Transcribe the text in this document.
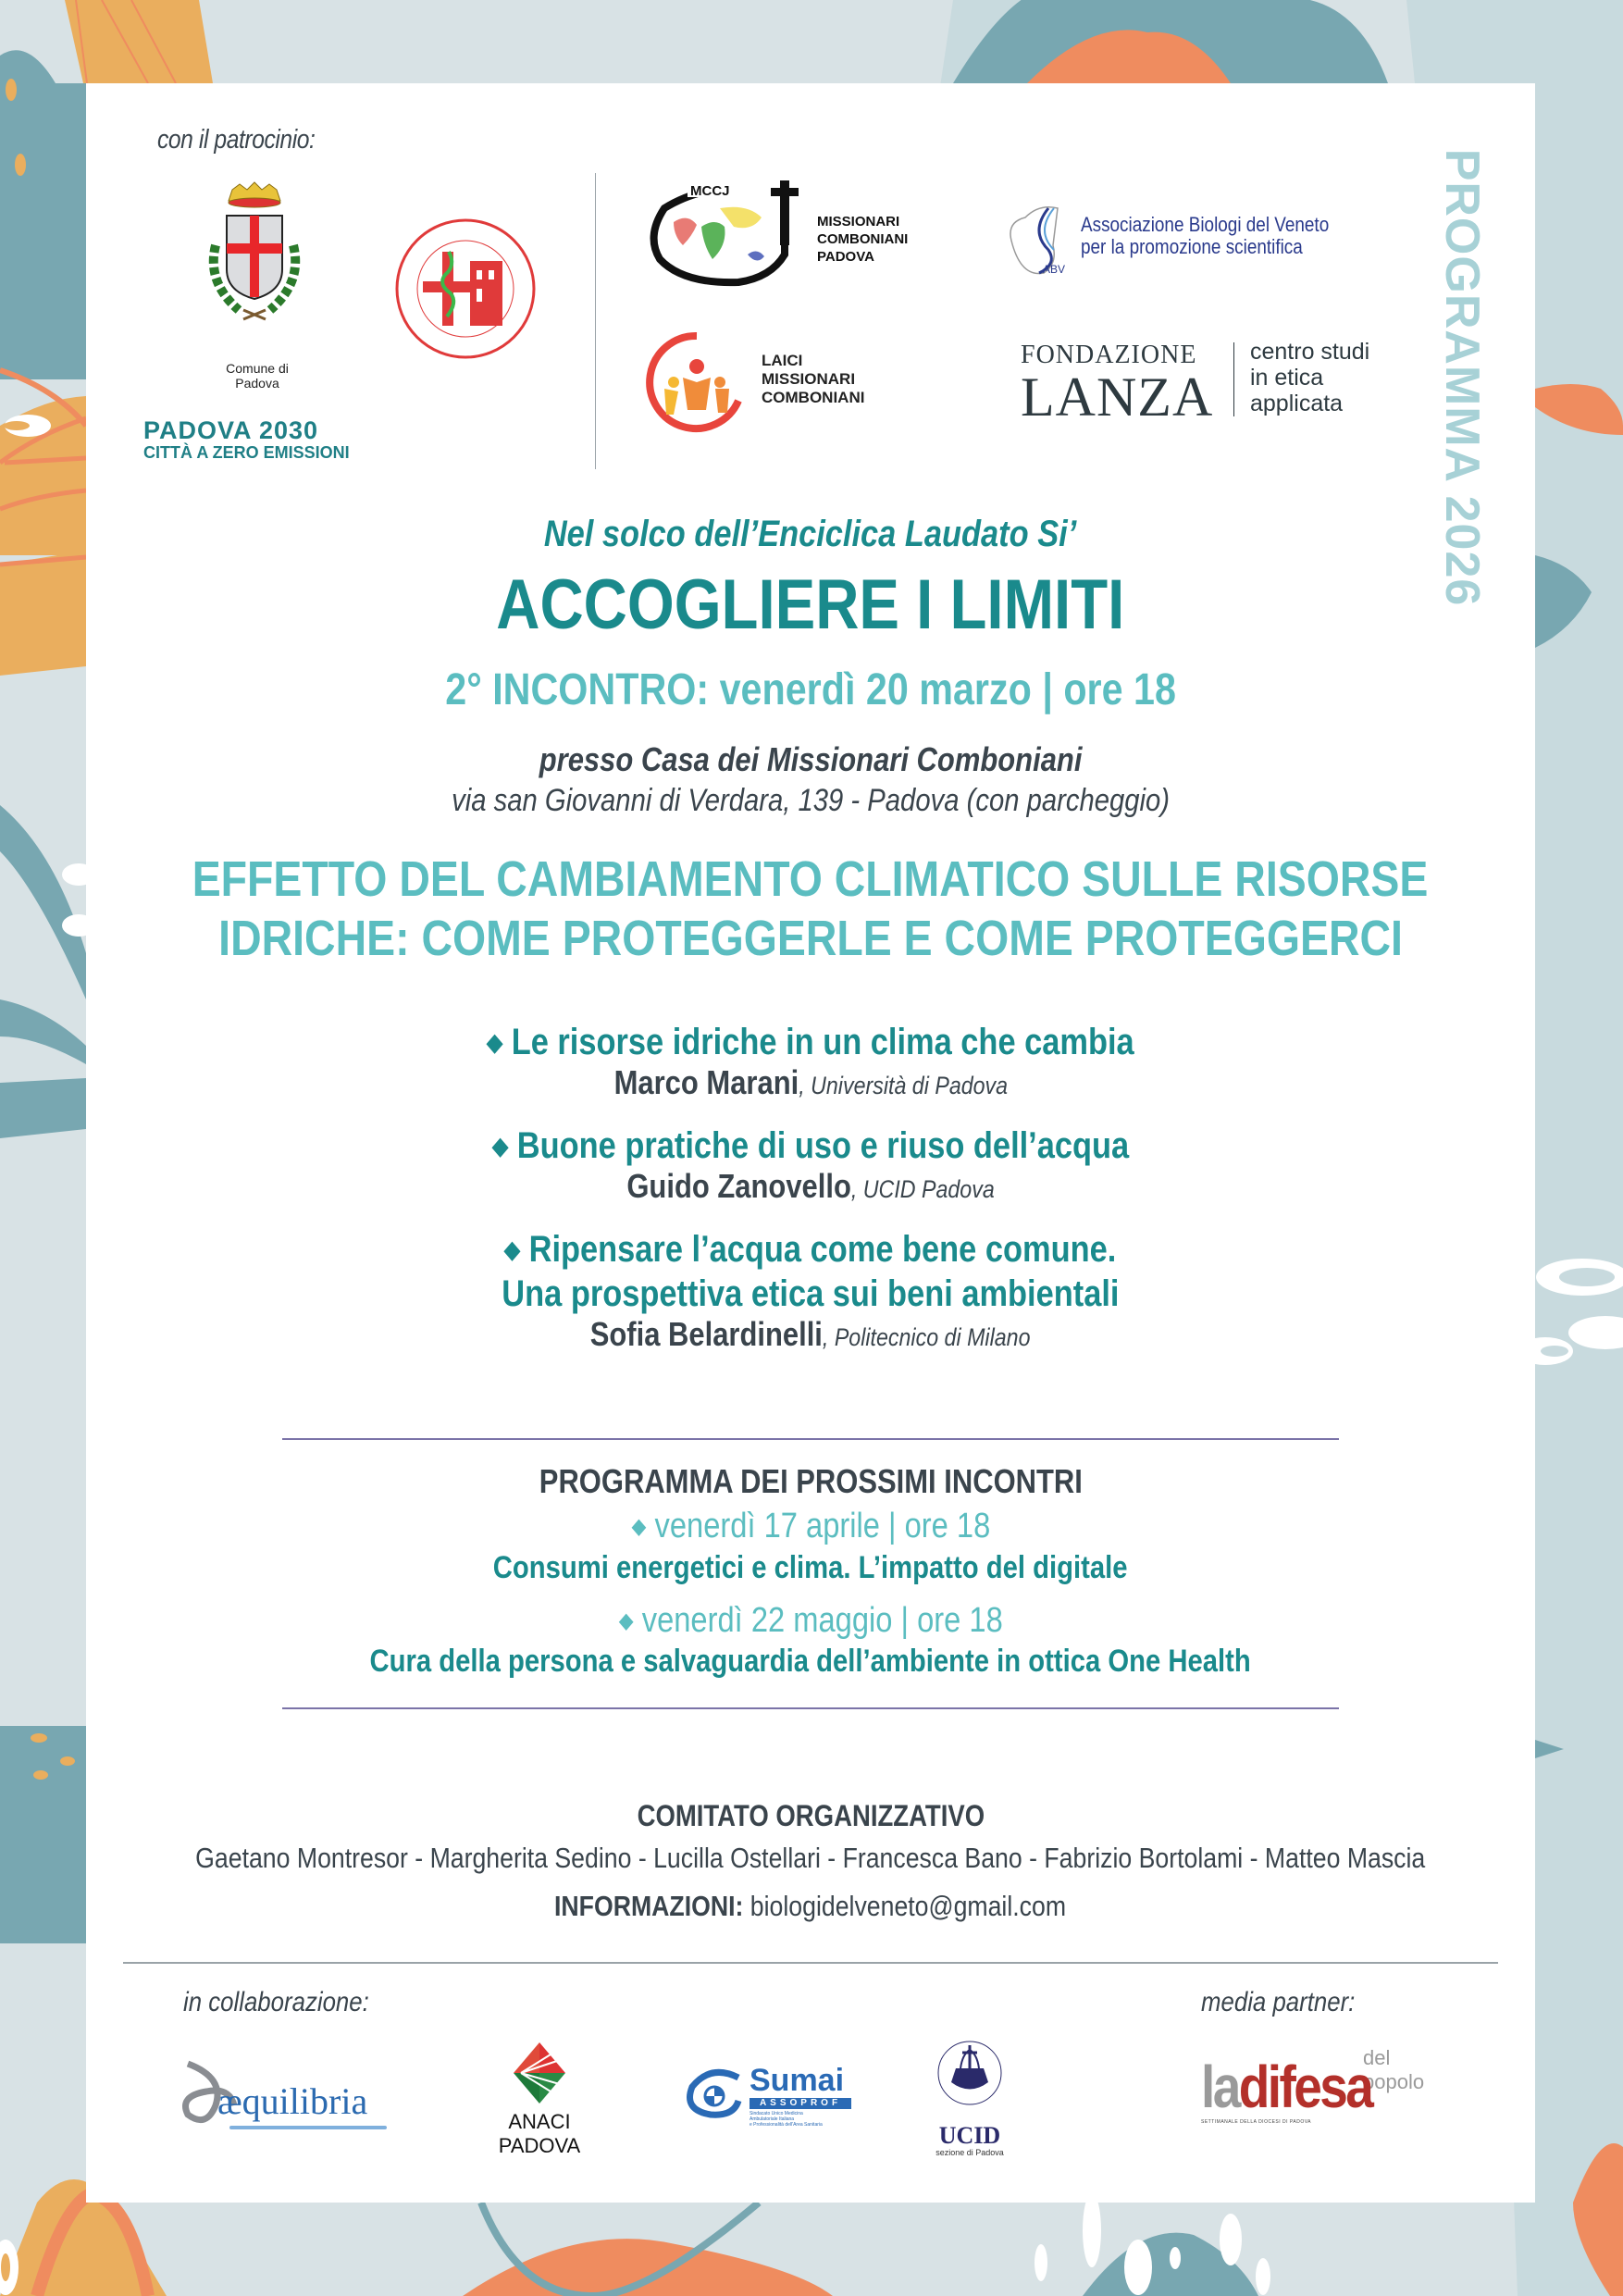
con il patrocinio:
Comune di
Padova
PADOVA 2030
CITTÀ A ZERO EMISSIONI
MCCJ
MISSIONARI
COMBONIANI
PADOVA
ABV
Associazione Biologi del Veneto
per la promozione scientifica
LAICI
MISSIONARI
COMBONIANI
FONDAZIONE
LANZA
centro studi
in etica
applicata	PROGRAMMA 2026
Nel solco dell’Enciclica Laudato Si’
ACCOGLIERE I LIMITI
2° INCONTRO: venerdì 20 marzo | ore 18
presso Casa dei Missionari Comboniani
via san Giovanni di Verdara, 139 - Padova (con parcheggio)
EFFETTO DEL CAMBIAMENTO CLIMATICO SULLE RISORSE
IDRICHE: COME PROTEGGERLE E COME PROTEGGERCI
◆ Le risorse idriche in un clima che cambia
Marco Marani, Università di Padova
◆ Buone pratiche di uso e riuso dell’acqua
Guido Zanovello, UCID Padova
◆ Ripensare l’acqua come bene comune.
Una prospettiva etica sui beni ambientali
Sofia Belardinelli, Politecnico di Milano
PROGRAMMA DEI PROSSIMI INCONTRI
◆ venerdì 17 aprile | ore 18
Consumi energetici e clima. L’impatto del digitale
◆ venerdì 22 maggio | ore 18
Cura della persona e salvaguardia dell’ambiente in ottica One Health
COMITATO ORGANIZZATIVO
Gaetano Montresor - Margherita Sedino - Lucilla Ostellari - Francesca Bano - Fabrizio Bortolami - Matteo Mascia
INFORMAZIONI: biologidelveneto@gmail.com
in collaborazione:	media partner:
æquilibria	ANACI
PADOVA
Sumai
ASSOPROF
Sindacato Unico Medicina
Ambulatoriale Italiana
e Professionalità dell'Area Sanitaria	UCID
sezione di Padova
del popolo
ladifesa
SETTIMANALE DELLA DIOCESI DI PADOVA
